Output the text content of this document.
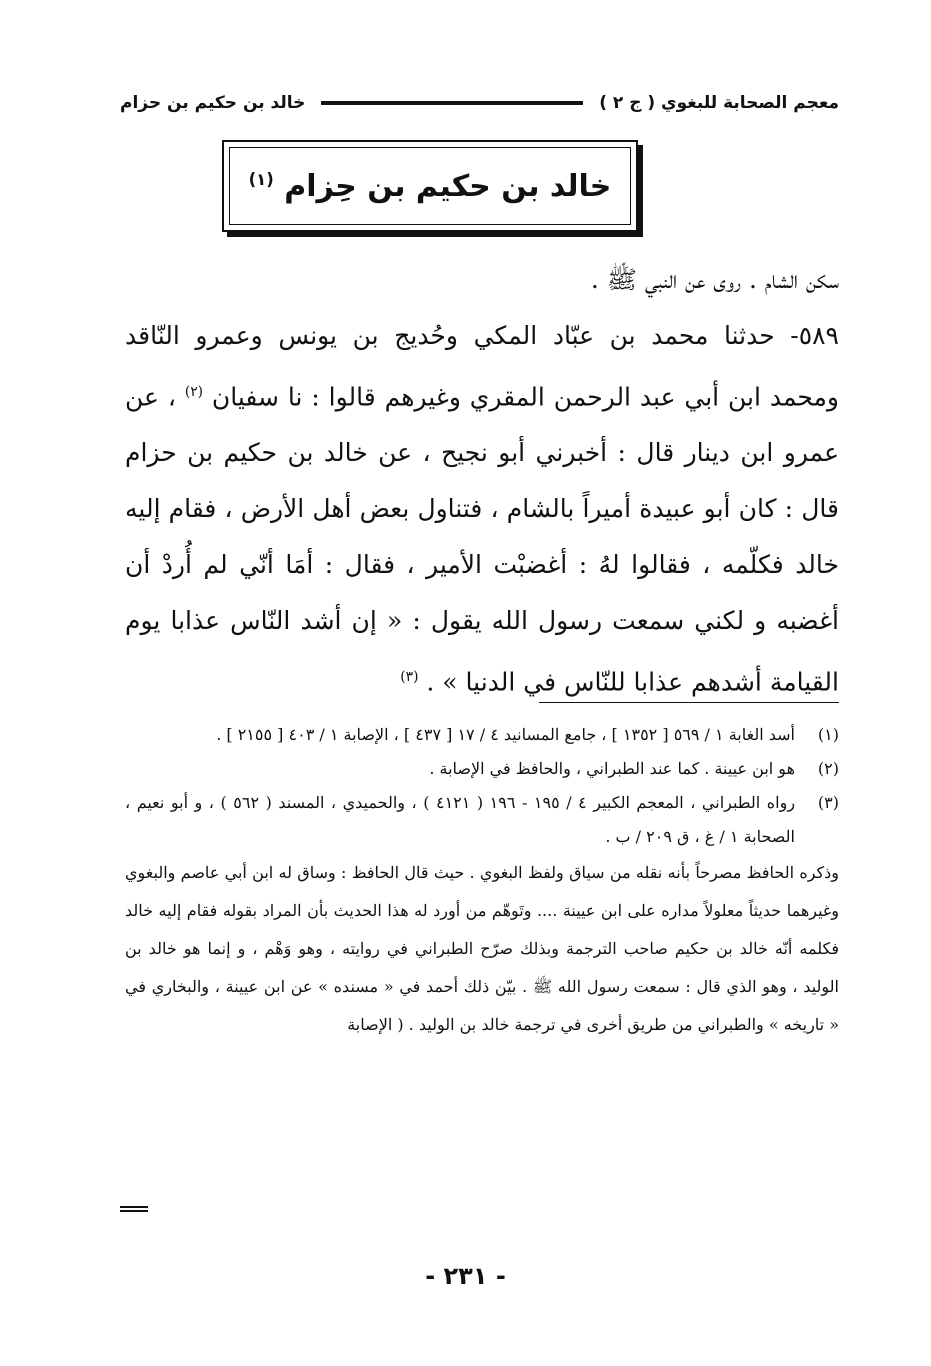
معجم الصحابة للبغوي ( ج ٢ )
خالد بن حكيم بن حزام
خالد بن حكيم بن حِزام $^{(١)}$

سكن الشام . روى عن النبي ﷺ .

٥٨٩- حدثنا محمد بن عبّاد المكي وحُديج بن يونس وعمرو النّاقد ومحمد ابن أبي عبد الرحمن المقري وغيرهم قالوا : نا سفيان $^{(٢)}$ ، عن عمرو ابن دينار قال : أخبرني أبو نجيح ، عن خالد بن حكيم بن حزام قال : كان أبو عبيدة أميراً بالشام ، فتناول بعض أهل الأرض ، فقام إليه خالد فكلّمه ، فقالوا لهُ : أغضبْت الأمير ، فقال : أمَا أنّي لم أُردْ أن أغضبه و لكني سمعت رسول الله يقول : « إن أشد النّاس عذابا يوم القيامة أشدهم عذابا للنّاس في الدنيا » . $^{(٣)}$

(١)
أسد الغابة ١ / ٥٦٩ [ ١٣٥٢ ] ، جامع المسانيد ٤ / ١٧ [ ٤٣٧ ] ، الإصابة ١ / ٤٠٣ [ ٢١٥٥ ] .
(٢)
هو ابن عيينة . كما عند الطبراني ، والحافظ في الإصابة .
(٣)
رواه الطبراني ، المعجم الكبير ٤ / ١٩٥ - ١٩٦ ( ٤١٢١ ) ، والحميدي ، المسند ( ٥٦٢ ) ، و أبو نعيم ، الصحابة ١ / غ ، ق ٢٠٩ / ب .

وذكره الحافظ مصرحاً بأنه نقله من سياق ولفظ البغوي . حيث قال الحافظ : وساق له ابن أبي عاصم والبغوي وغيرهما حديثاً معلولاً مداره على ابن عيينة .... وتَوهّم من أورد له هذا الحديث بأن المراد بقوله فقام إليه خالد فكلمه أنّه خالد بن حكيم صاحب الترجمة وبذلك صرّح الطبراني في روايته ، وهو وَهْم ، و إنما هو خالد بن الوليد ، وهو الذي قال : سمعت رسول الله ﷺ . بيّن ذلك أحمد في « مسنده » عن ابن عيينة ، والبخاري في « تاريخه » والطبراني من طريق أخرى في ترجمة خالد بن الوليد . ( الإصابة

- ٢٣١ -
